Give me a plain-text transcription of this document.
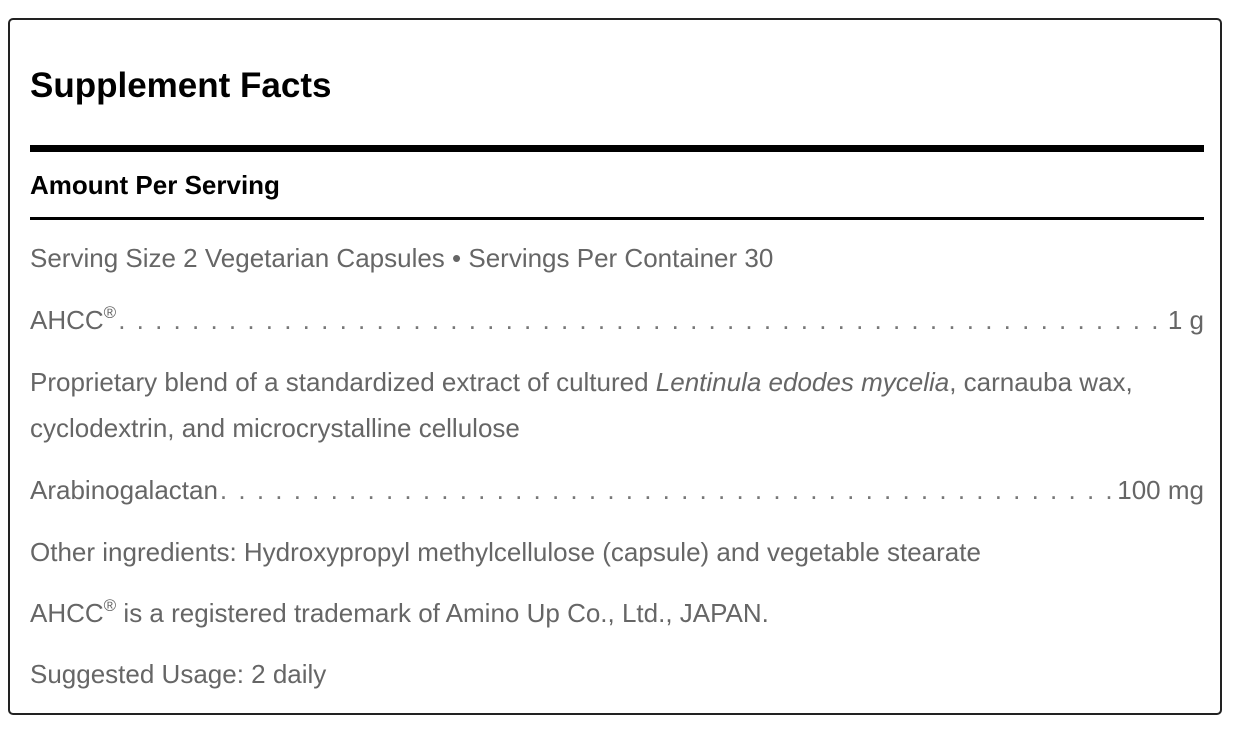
Supplement Facts
Amount Per Serving
Serving Size 2 Vegetarian Capsules • Servings Per Container 30
AHCC® . . .	1 g
Proprietary blend of a standardized extract of cultured Lentinula edodes mycelia, carnauba wax, cyclodextrin, and microcrystalline cellulose
Arabinogalactan . . .	100 mg
Other ingredients: Hydroxypropyl methylcellulose (capsule) and vegetable stearate
AHCC® is a registered trademark of Amino Up Co., Ltd., JAPAN.
Suggested Usage: 2 daily
